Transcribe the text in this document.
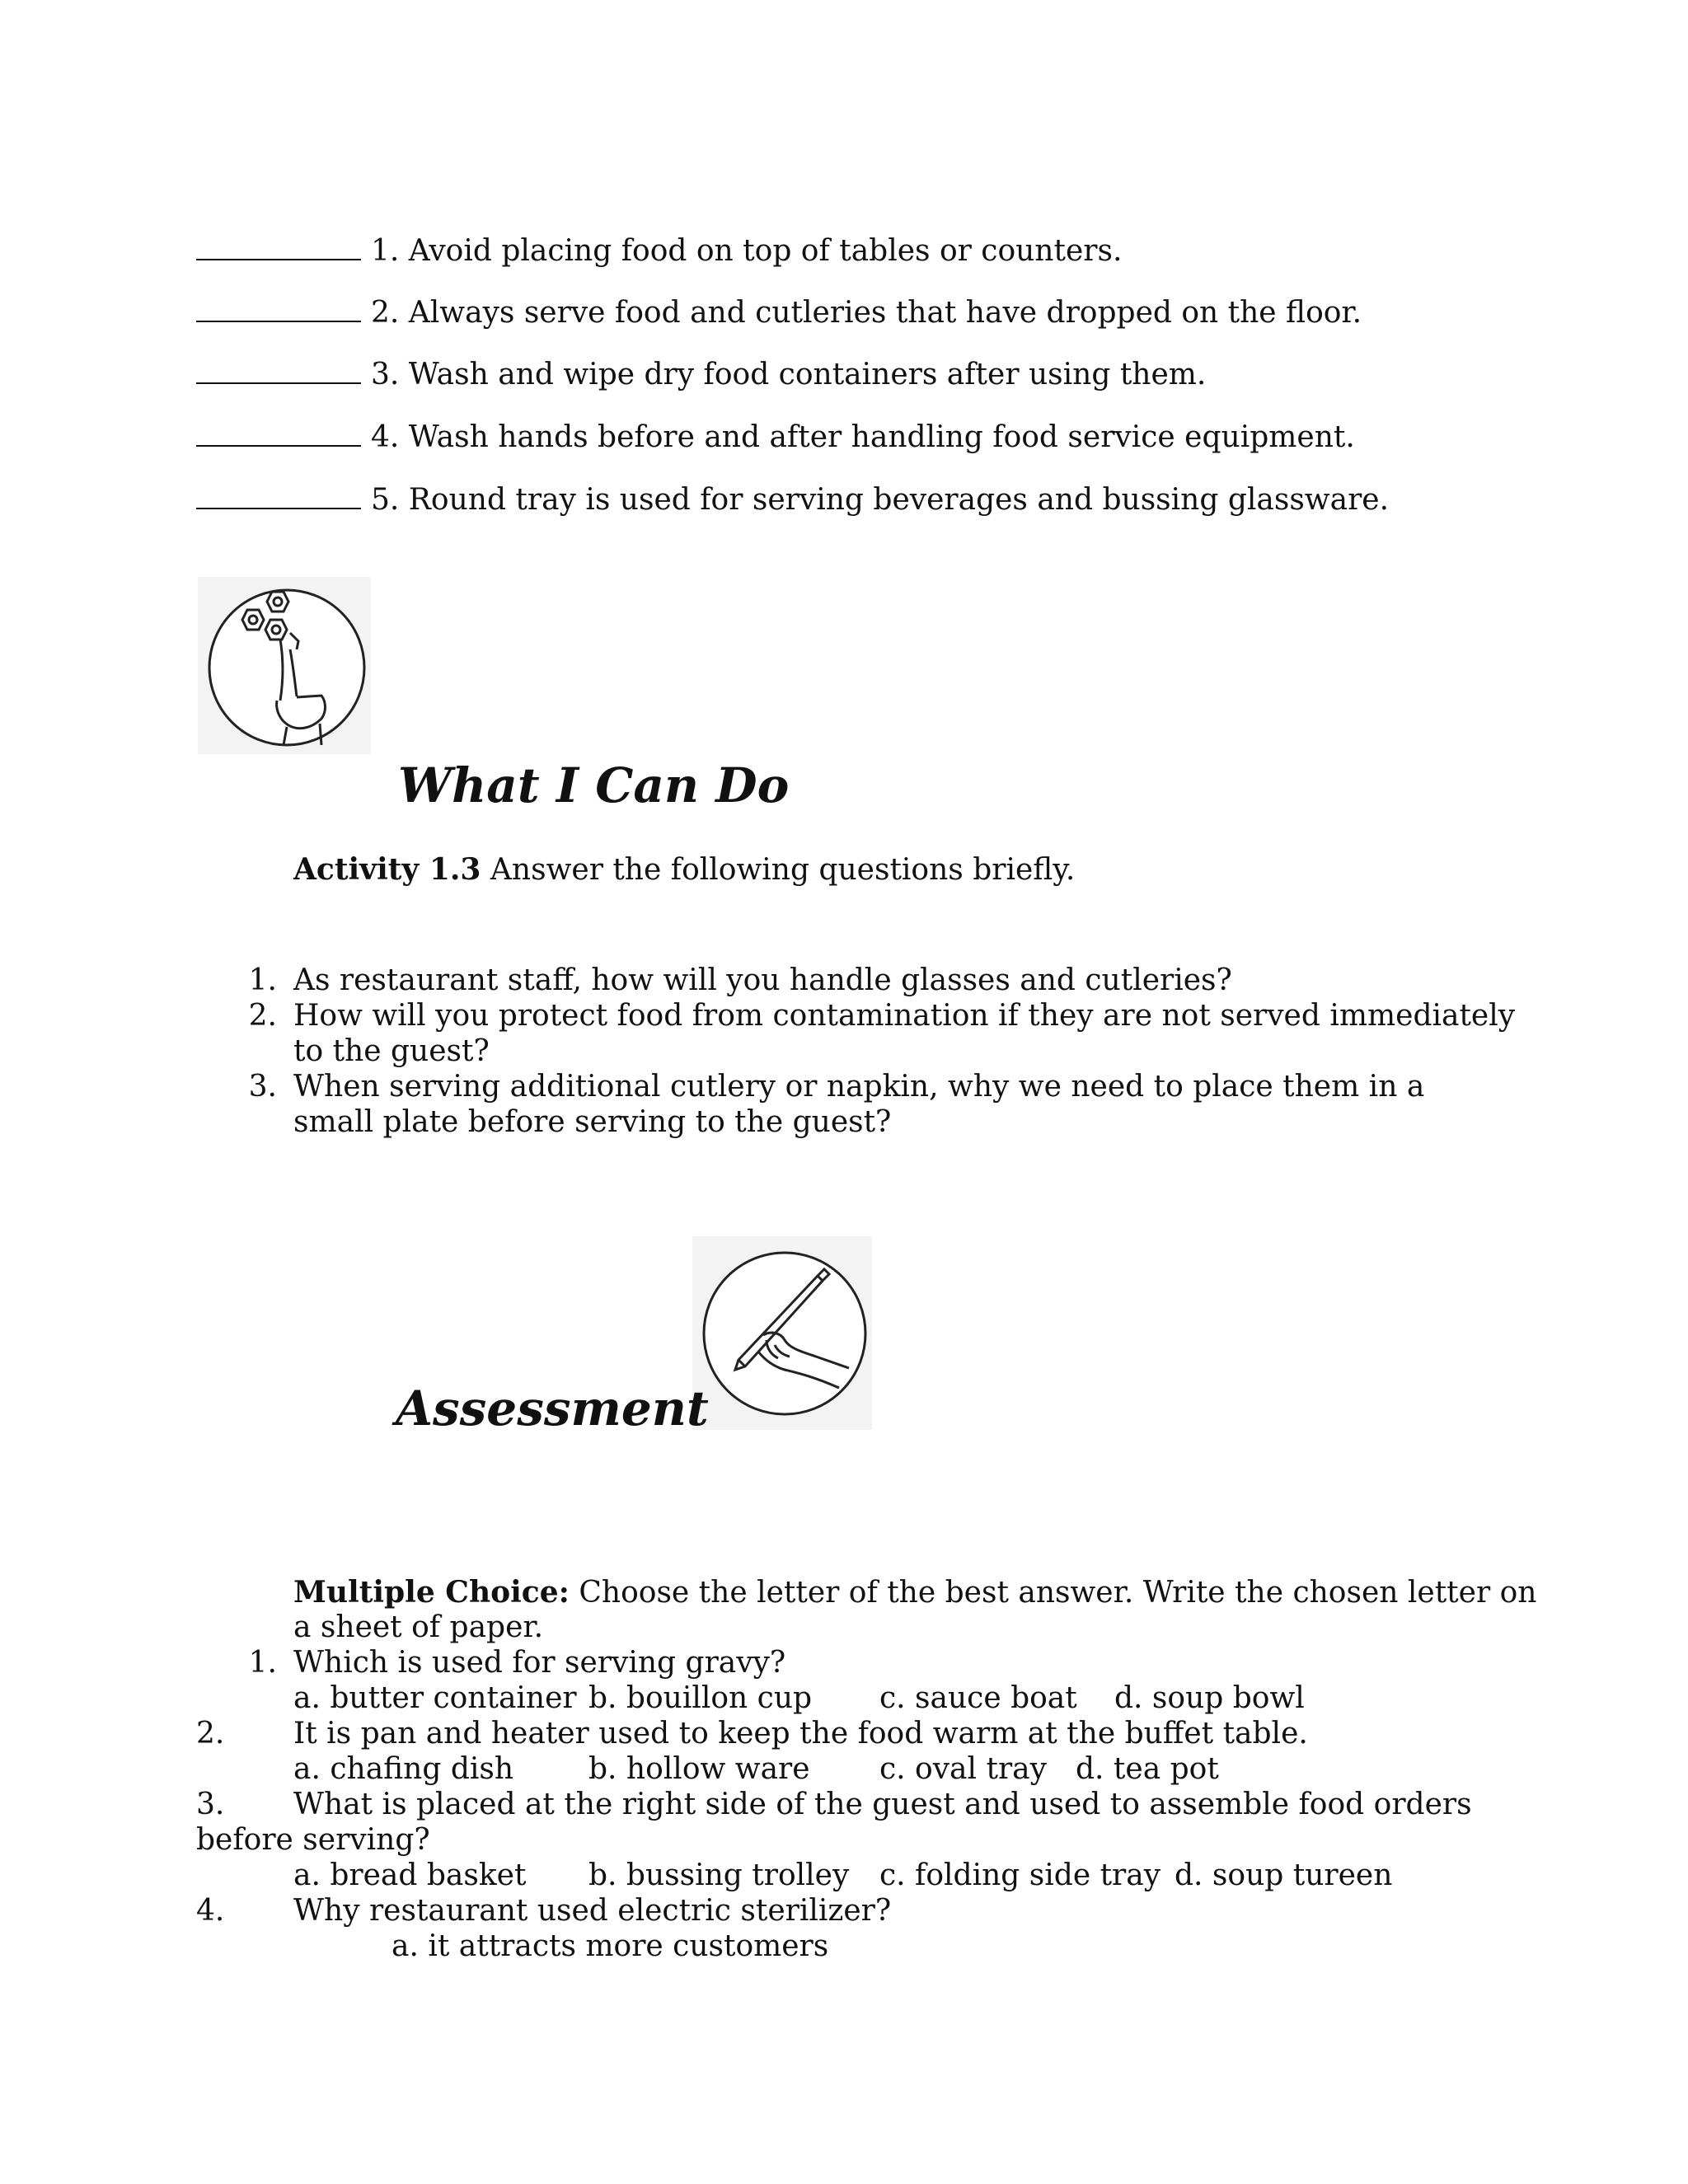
1. Avoid placing food on top of tables or counters.
2. Always serve food and cutleries that have dropped on the floor.
3. Wash and wipe dry food containers after using them.
4. Wash hands before and after handling food service equipment.
5. Round tray is used for serving beverages and bussing glassware.
What I Can Do
Activity 1.3 Answer the following questions briefly.
1. As restaurant staff, how will you handle glasses and cutleries?
2. How will you protect food from contamination if they are not served immediately
to the guest?
3. When serving additional cutlery or napkin, why we need to place them in a
small plate before serving to the guest?
Assessment
Multiple Choice: Choose the letter of the best answer. Write the chosen letter on
a sheet of paper.
1. Which is used for serving gravy?
a. butter container b. bouillon cup c. sauce boat d. soup bowl
2. It is pan and heater used to keep the food warm at the buffet table.
a. chafing dish	b. hollow ware c. oval tray d. tea pot
3. What is placed at the right side of the guest and used to assemble food orders
before serving?
a. bread basket b. bussing trolley c. folding side tray d. soup tureen
4. Why restaurant used electric sterilizer?
a. it attracts more customers
